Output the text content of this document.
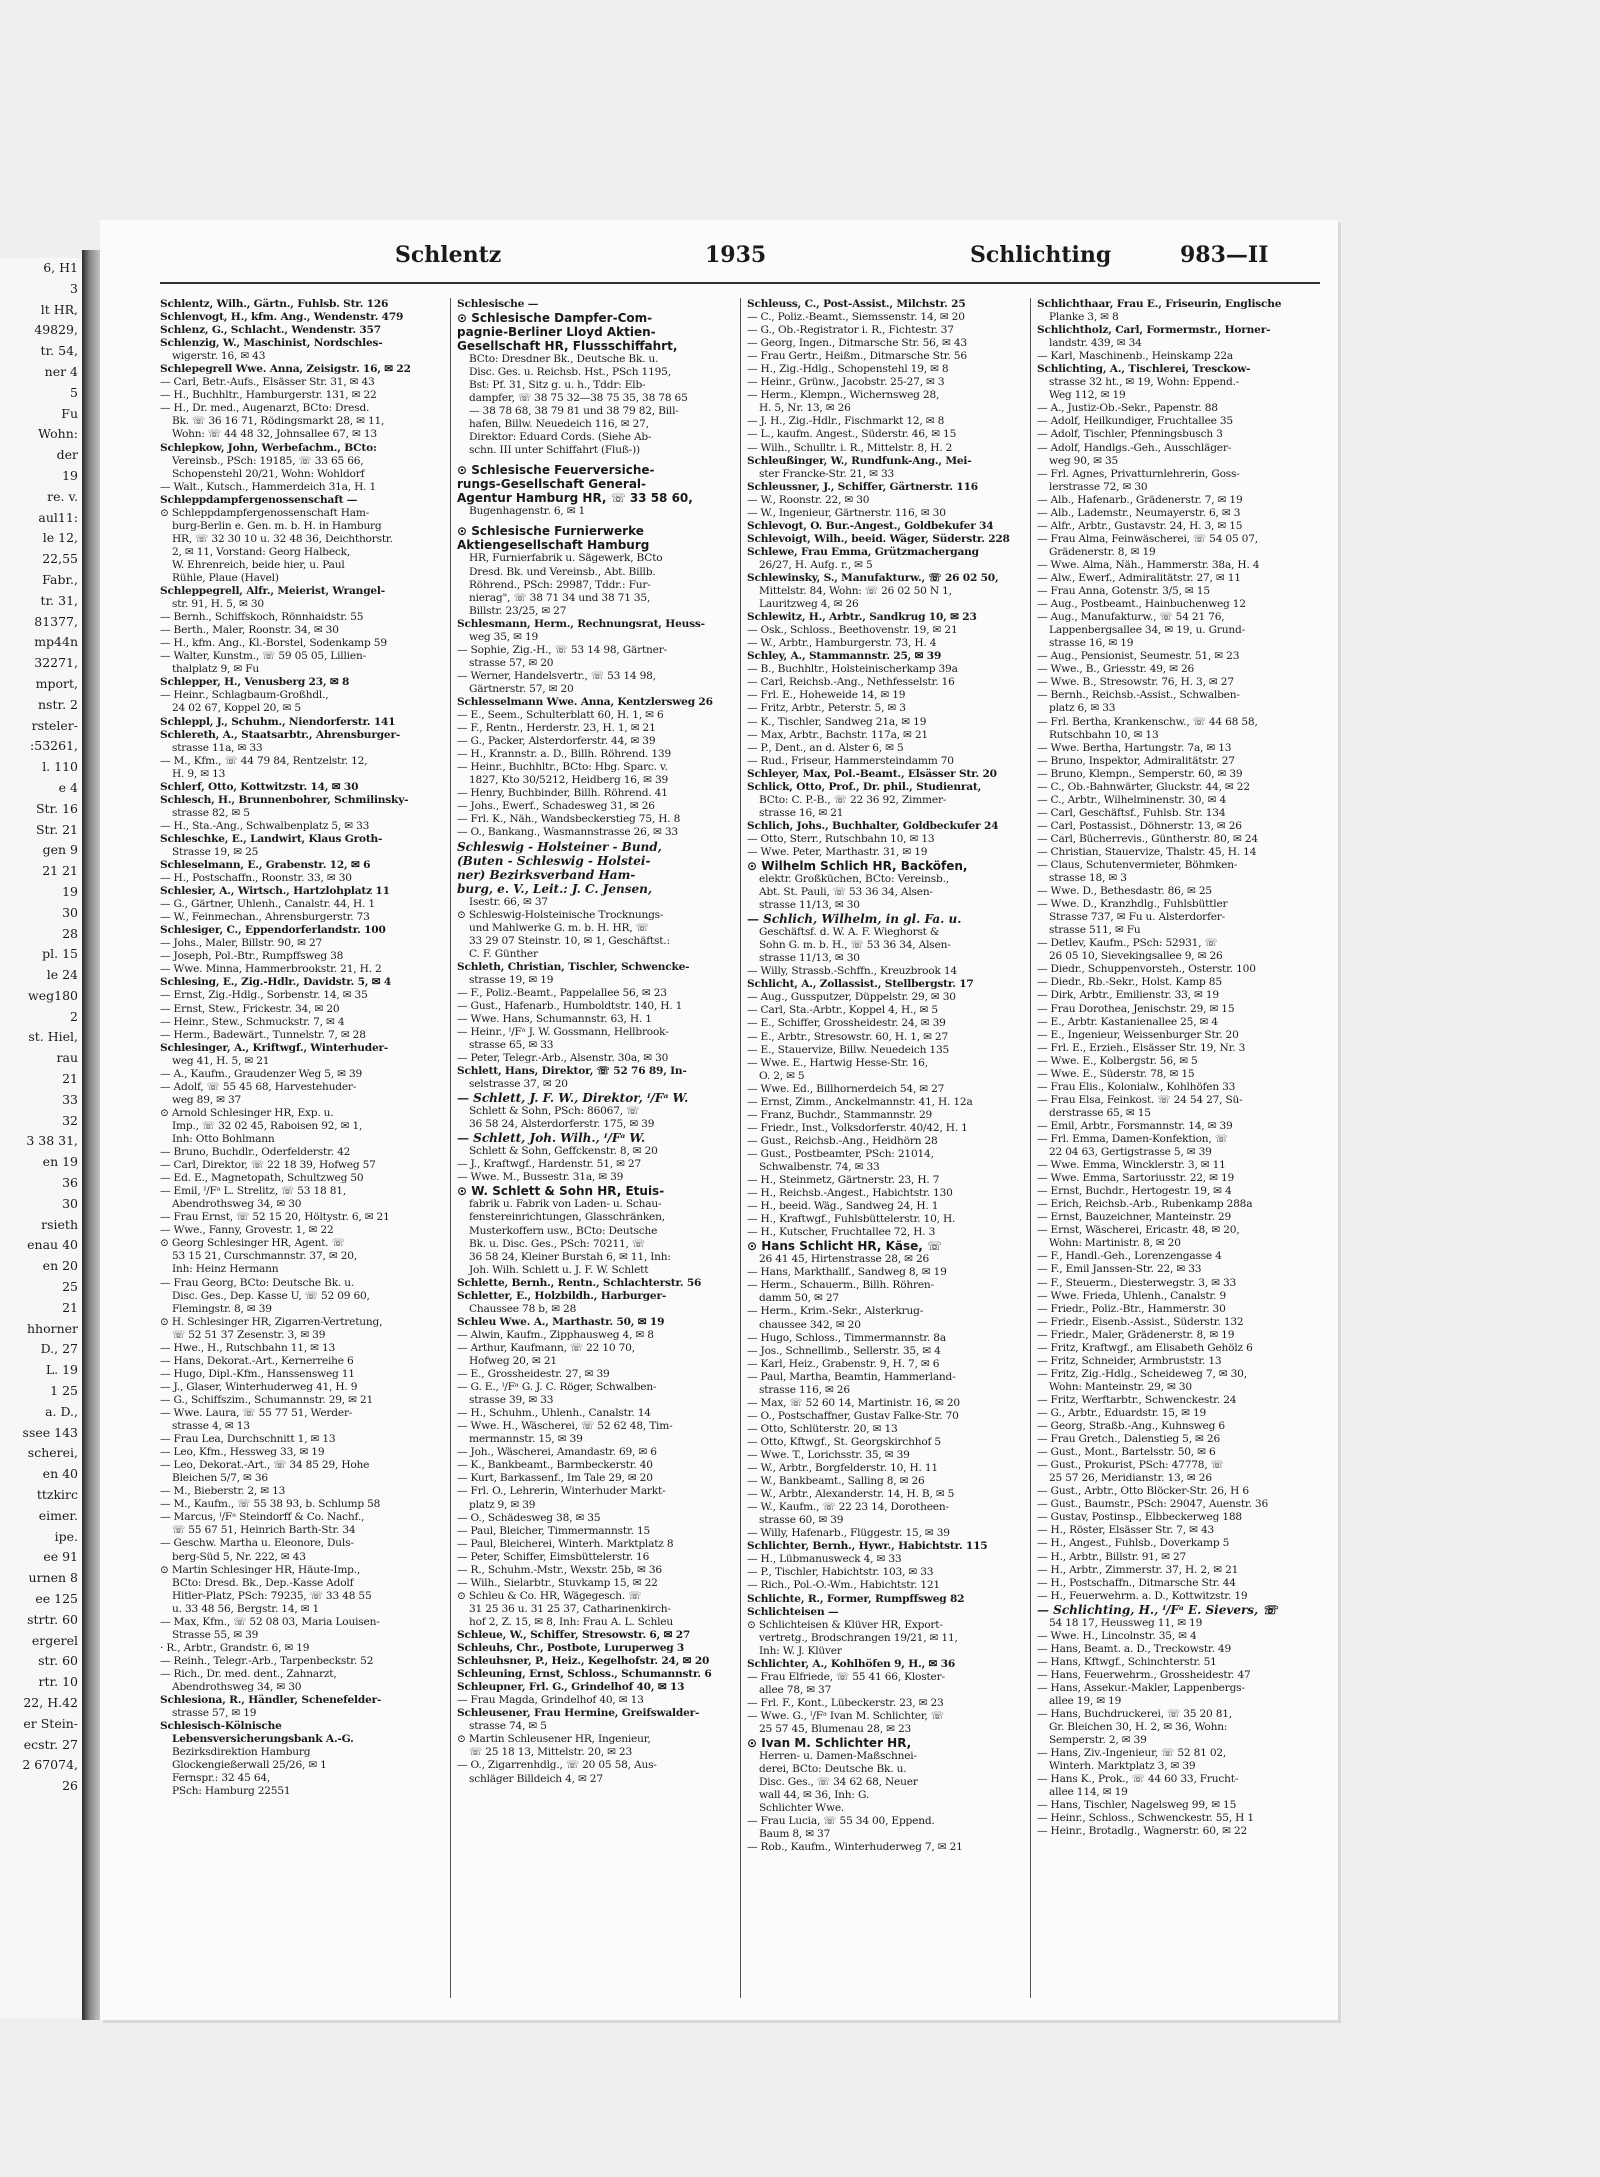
6, H1
3
lt HR,
49829,
tr. 54,
ner 4
5
Fu
Wohn:
der
19
re. v.
aul11:
le 12,
22,55
Fabr.,
tr. 31,
81377,
mp44n
32271,
mport,
nstr. 2
rsteler-
:53261,
l. 110
e 4
Str. 16
Str. 21
gen 9
21 21
19
30
28
pl. 15
le 24
weg180
2
st. Hiel,
rau
21
33
32
3 38 31,
en 19
36
30
rsieth
enau 40
en 20
25
21
hhorner
D., 27
L. 19
1 25
a. D.,
ssee 143
scherei,
en 40
ttzkirc
eimer.
ipe.
ee 91
urnen 8
ee 125
strtr. 60
ergerel
str. 60
rtr. 10
22, H.42
er Stein-
ecstr. 27
2 67074,
26
Schlentz	1935	Schlichting	983—II
Schlentz, Wilh., Gärtn., Fuhlsb. Str. 126
Schlenvogt, H., kfm. Ang., Wendenstr. 479
Schlenz, G., Schlacht., Wendenstr. 357
Schlenzig, W., Maschinist, Nordschles-
wigerstr. 16, ✉ 43
Schlepegrell Wwe. Anna, Zeisigstr. 16, ✉ 22
— Carl, Betr.-Aufs., Elsässer Str. 31, ✉ 43
— H., Buchhltr., Hamburgerstr. 131, ✉ 22
— H., Dr. med., Augenarzt, BCto: Dresd.
Bk. ☏ 36 16 71, Rödingsmarkt 28, ✉ 11,
Wohn: ☏ 44 48 32, Johnsallee 67, ✉ 13
Schlepkow, John, Werbefachm., BCto:
Vereinsb., PSch: 19185, ☏ 33 65 66,
Schopenstehl 20/21, Wohn: Wohldorf
— Walt., Kutsch., Hammerdeich 31a, H. 1
Schleppdampfergenossenschaft —
⊙ Schleppdampfergenossenschaft Ham-
burg-Berlin e. Gen. m. b. H. in Hamburg
HR, ☏ 32 30 10 u. 32 48 36, Deichthorstr.
2, ✉ 11, Vorstand: Georg Halbeck,
W. Ehrenreich, beide hier, u. Paul
Rühle, Plaue (Havel)
Schleppegrell, Alfr., Meierist, Wrangel-
str. 91, H. 5, ✉ 30
— Bernh., Schiffskoch, Rönnhaidstr. 55
— Berth., Maler, Roonstr. 34, ✉ 30
— H., kfm. Ang., Kl.-Borstel, Sodenkamp 59
— Walter, Kunstm., ☏ 59 05 05, Lillien-
thalplatz 9, ✉ Fu
Schlepper, H., Venusberg 23, ✉ 8
— Heinr., Schlagbaum-Großhdl.,
24 02 67, Koppel 20, ✉ 5
Schleppl, J., Schuhm., Niendorferstr. 141
Schlereth, A., Staatsarbtr., Ahrensburger-
strasse 11a, ✉ 33
— M., Kfm., ☏ 44 79 84, Rentzelstr. 12,
H. 9, ✉ 13
Schlerf, Otto, Kottwitzstr. 14, ✉ 30
Schlesch, H., Brunnenbohrer, Schmilinsky-
strasse 82, ✉ 5
— H., Sta.-Ang., Schwalbenplatz 5, ✉ 33
Schleschke, E., Landwirt, Klaus Groth-
Strasse 19, ✉ 25
Schleselmann, E., Grabenstr. 12, ✉ 6
— H., Postschaffn., Roonstr. 33, ✉ 30
Schlesier, A., Wirtsch., Hartzlohplatz 11
— G., Gärtner, Uhlenh., Canalstr. 44, H. 1
— W., Feinmechan., Ahrensburgerstr. 73
Schlesiger, C., Eppendorferlandstr. 100
— Johs., Maler, Billstr. 90, ✉ 27
— Joseph, Pol.-Btr., Rumpffsweg 38
— Wwe. Minna, Hammerbrookstr. 21, H. 2
Schlesing, E., Zig.-Hdlr., Davidstr. 5, ✉ 4
— Ernst, Zig.-Hdlg., Sorbenstr. 14, ✉ 35
— Ernst, Stew., Frickestr. 34, ✉ 20
— Heinr., Stew., Schmuckstr. 7, ✉ 4
— Herm., Badewärt., Tunnelstr. 7, ✉ 28
Schlesinger, A., Kriftwgf., Winterhuder-
weg 41, H. 5, ✉ 21
— A., Kaufm., Graudenzer Weg 5, ✉ 39
— Adolf, ☏ 55 45 68, Harvestehuder-
weg 89, ✉ 37
⊙ Arnold Schlesinger HR, Exp. u.
Imp., ☏ 32 02 45, Raboisen 92, ✉ 1,
Inh: Otto Bohlmann
— Bruno, Buchdlr., Oderfelderstr. 42
— Carl, Direktor, ☏ 22 18 39, Hofweg 57
— Ed. E., Magnetopath, Schultzweg 50
— Emil, ᴵ/Fᵃ L. Strelitz, ☏ 53 18 81,
Abendrothsweg 34, ✉ 30
— Frau Ernst, ☏ 52 15 20, Höltystr. 6, ✉ 21
— Wwe., Fanny, Grovestr. 1, ✉ 22
⊙ Georg Schlesinger HR, Agent. ☏
53 15 21, Curschmannstr. 37, ✉ 20,
Inh: Heinz Hermann
— Frau Georg, BCto: Deutsche Bk. u.
Disc. Ges., Dep. Kasse U, ☏ 52 09 60,
Flemingstr. 8, ✉ 39
⊙ H. Schlesinger HR, Zigarren-Vertretung,
☏ 52 51 37 Zesenstr. 3, ✉ 39
— Hwe., H., Rutschbahn 11, ✉ 13
— Hans, Dekorat.-Art., Kernerreihe 6
— Hugo, Dipl.-Kfm., Hanssensweg 11
— J., Glaser, Winterhuderweg 41, H. 9
— G., Schiffszim., Schumannstr. 29, ✉ 21
— Wwe. Laura, ☏ 55 77 51, Werder-
strasse 4, ✉ 13
— Frau Lea, Durchschnitt 1, ✉ 13
— Leo, Kfm., Hessweg 33, ✉ 19
— Leo, Dekorat.-Art., ☏ 34 85 29, Hohe
Bleichen 5/7, ✉ 36
— M., Bieberstr. 2, ✉ 13
— M., Kaufm., ☏ 55 38 93, b. Schlump 58
— Marcus, ᴵ/Fᵃ Steindorff & Co. Nachf.,
☏ 55 67 51, Heinrich Barth-Str. 34
— Geschw. Martha u. Eleonore, Duls-
berg-Süd 5, Nr. 222, ✉ 43
⊙ Martin Schlesinger HR, Häute-Imp.,
BCto: Dresd. Bk., Dep.-Kasse Adolf
Hitler-Platz, PSch: 79235, ☏ 33 48 55
u. 33 48 56, Bergstr. 14, ✉ 1
— Max, Kfm., ☏ 52 08 03, Maria Louisen-
Strasse 55, ✉ 39
· R., Arbtr., Grandstr. 6, ✉ 19
— Reinh., Telegr.-Arb., Tarpenbeckstr. 52
— Rich., Dr. med. dent., Zahnarzt,
Abendrothsweg 34, ✉ 30
Schlesiona, R., Händler, Schenefelder-
strasse 57, ✉ 19
Schlesisch-Kölnische
Lebensversicherungsbank A.-G.
Bezirksdirektion Hamburg
Glockengießerwall 25/26, ✉ 1
Fernspr.: 32 45 64,
PSch: Hamburg 22551
Schlesische —
⊙ Schlesische Dampfer-Com-
pagnie-Berliner Lloyd Aktien-
Gesellschaft HR, Flussschiffahrt,
BCto: Dresdner Bk., Deutsche Bk. u.
Disc. Ges. u. Reichsb. Hst., PSch 1195,
Bst: Pf. 31, Sitz g. u. h., Tddr: Elb-
dampfer, ☏ 38 75 32—38 75 35, 38 78 65
— 38 78 68, 38 79 81 und 38 79 82, Bill-
hafen, Billw. Neuedeich 116, ✉ 27,
Direktor: Eduard Cords. (Siehe Ab-
schn. III unter Schiffahrt (Fluß-))
⊙ Schlesische Feuerversiche-
rungs-Gesellschaft General-
Agentur Hamburg HR, ☏ 33 58 60,
Bugenhagenstr. 6, ✉ 1
⊙ Schlesische Furnierwerke
Aktiengesellschaft Hamburg
HR, Furnierfabrik u. Sägewerk, BCto
Dresd. Bk. und Vereinsb., Abt. Billb.
Röhrend., PSch: 29987, Tddr.: Fur-
nierag", ☏ 38 71 34 und 38 71 35,
Billstr. 23/25, ✉ 27
Schlesmann, Herm., Rechnungsrat, Heuss-
weg 35, ✉ 19
— Sophie, Zig.-H., ☏ 53 14 98, Gärtner-
strasse 57, ✉ 20
— Werner, Handelsvertr., ☏ 53 14 98,
Gärtnerstr. 57, ✉ 20
Schlesselmann Wwe. Anna, Kentzlersweg 26
— E., Seem., Schulterblatt 60, H. 1, ✉ 6
— F., Rentn., Herderstr. 23, H. 1, ✉ 21
— G., Packer, Alsterdorferstr. 44, ✉ 39
— H., Krannstr. a. D., Billh. Röhrend. 139
— Heinr., Buchhltr., BCto: Hbg. Sparc. v.
1827, Kto 30/5212, Heidberg 16, ✉ 39
— Henry, Buchbinder, Billh. Röhrend. 41
— Johs., Ewerf., Schadesweg 31, ✉ 26
— Frl. K., Näh., Wandsbeckerstieg 75, H. 8
— O., Bankang., Wasmannstrasse 26, ✉ 33
Schleswig - Holsteiner - Bund,
(Buten - Schleswig - Holstei-
ner) Bezirksverband Ham-
burg, e. V., Leit.: J. C. Jensen,
Isestr. 66, ✉ 37
⊙ Schleswig-Holsteinische Trocknungs-
und Mahlwerke G. m. b. H. HR, ☏
33 29 07 Steinstr. 10, ✉ 1, Geschäftst.:
C. F. Günther
Schleth, Christian, Tischler, Schwencke-
strasse 19, ✉ 19
— F., Poliz.-Beamt., Pappelallee 56, ✉ 23
— Gust., Hafenarb., Humboldtstr. 140, H. 1
— Wwe. Hans, Schumannstr. 63, H. 1
— Heinr., ᴵ/Fᵃ J. W. Gossmann, Hellbrook-
strasse 65, ✉ 33
— Peter, Telegr.-Arb., Alsenstr. 30a, ✉ 30
Schlett, Hans, Direktor, ☏ 52 76 89, In-
selstrasse 37, ✉ 20
— Schlett, J. F. W., Direktor, ᴵ/Fᵃ W.
Schlett & Sohn, PSch: 86067, ☏
36 58 24, Alsterdorferstr. 175, ✉ 39
— Schlett, Joh. Wilh., ᴵ/Fᵃ W.
Schlett & Sohn, Geffckenstr. 8, ✉ 20
— J., Kraftwgf., Hardenstr. 51, ✉ 27
— Wwe. M., Bussestr. 31a, ✉ 39
⊙ W. Schlett & Sohn HR, Etuis-
fabrik u. Fabrik von Laden- u. Schau-
fenstereinrichtungen, Glasschränken,
Musterkoffern usw., BCto: Deutsche
Bk. u. Disc. Ges., PSch: 70211, ☏
36 58 24, Kleiner Burstah 6, ✉ 11, Inh:
Joh. Wilh. Schlett u. J. F. W. Schlett
Schlette, Bernh., Rentn., Schlachterstr. 56
Schletter, E., Holzbildh., Harburger-
Chaussee 78 b, ✉ 28
Schleu Wwe. A., Marthastr. 50, ✉ 19
— Alwin, Kaufm., Zipphausweg 4, ✉ 8
— Arthur, Kaufmann, ☏ 22 10 70,
Hofweg 20, ✉ 21
— E., Grossheidestr. 27, ✉ 39
— G. E., ᴵ/Fᵃ G. J. C. Röger, Schwalben-
strasse 39, ✉ 33
— H., Schuhm., Uhlenh., Canalstr. 14
— Wwe. H., Wäscherei, ☏ 52 62 48, Tim-
mermannstr. 15, ✉ 39
— Joh., Wäscherei, Amandastr. 69, ✉ 6
— K., Bankbeamt., Barmbeckerstr. 40
— Kurt, Barkassenf., Im Tale 29, ✉ 20
— Frl. O., Lehrerin, Winterhuder Markt-
platz 9, ✉ 39
— O., Schädesweg 38, ✉ 35
— Paul, Bleicher, Timmermannstr. 15
— Paul, Bleicherei, Winterh. Marktplatz 8
— Peter, Schiffer, Eimsbüttelerstr. 16
— R., Schuhm.-Mstr., Wexstr. 25b, ✉ 36
— Wilh., Sielarbtr., Stuvkamp 15, ✉ 22
⊙ Schleu & Co. HR, Wägegesch. ☏
31 25 36 u. 31 25 37, Catharinenkirch-
hof 2, Z. 15, ✉ 8, Inh: Frau A. L. Schleu
Schleue, W., Schiffer, Stresowstr. 6, ✉ 27
Schleuhs, Chr., Postbote, Luruperweg 3
Schleuhsner, P., Heiz., Kegelhofstr. 24, ✉ 20
Schleuning, Ernst, Schloss., Schumannstr. 6
Schleupner, Frl. G., Grindelhof 40, ✉ 13
— Frau Magda, Grindelhof 40, ✉ 13
Schleusener, Frau Hermine, Greifswalder-
strasse 74, ✉ 5
⊙ Martin Schleusener HR, Ingenieur,
☏ 25 18 13, Mittelstr. 20, ✉ 23
— O., Zigarrenhdlg., ☏ 20 05 58, Aus-
schläger Billdeich 4, ✉ 27
Schleuss, C., Post-Assist., Milchstr. 25
— C., Poliz.-Beamt., Siemssenstr. 14, ✉ 20
— G., Ob.-Registrator i. R., Fichtestr. 37
— Georg, Ingen., Ditmarsche Str. 56, ✉ 43
— Frau Gertr., Heißm., Ditmarsche Str. 56
— H., Zig.-Hdlg., Schopenstehl 19, ✉ 8
— Heinr., Grünw., Jacobstr. 25-27, ✉ 3
— Herm., Klempn., Wichernsweg 28,
H. 5, Nr. 13, ✉ 26
— J. H., Zig.-Hdlr., Fischmarkt 12, ✉ 8
— L., kaufm. Angest., Süderstr. 46, ✉ 15
— Wilh., Schulltr. i. R., Mittelstr. 8, H. 2
Schleußinger, W., Rundfunk-Ang., Mei-
ster Francke-Str. 21, ✉ 33
Schleussner, J., Schiffer, Gärtnerstr. 116
— W., Roonstr. 22, ✉ 30
— W., Ingenieur, Gärtnerstr. 116, ✉ 30
Schlevogt, O. Bur.-Angest., Goldbekufer 34
Schlevoigt, Wilh., beeid. Wäger, Süderstr. 228
Schlewe, Frau Emma, Grützmachergang
26/27, H. Aufg. r., ✉ 5
Schlewinsky, S., Manufakturw., ☏ 26 02 50,
Mittelstr. 84, Wohn: ☏ 26 02 50 N 1,
Lauritzweg 4, ✉ 26
Schlewitz, H., Arbtr., Sandkrug 10, ✉ 23
— Osk., Schloss., Beethovenstr. 19, ✉ 21
— W., Arbtr., Hamburgerstr. 73, H. 4
Schley, A., Stammannstr. 25, ✉ 39
— B., Buchhltr., Holsteinischerkamp 39a
— Carl, Reichsb.-Ang., Nethfesselstr. 16
— Frl. E., Hoheweide 14, ✉ 19
— Fritz, Arbtr., Peterstr. 5, ✉ 3
— K., Tischler, Sandweg 21a, ✉ 19
— Max, Arbtr., Bachstr. 117a, ✉ 21
— P., Dent., an d. Alster 6, ✉ 5
— Rud., Friseur, Hammersteindamm 70
Schleyer, Max, Pol.-Beamt., Elsässer Str. 20
Schlick, Otto, Prof., Dr. phil., Studienrat,
BCto: C. P.-B., ☏ 22 36 92, Zimmer-
strasse 16, ✉ 21
Schlich, Johs., Buchhalter, Goldbeckufer 24
— Otto, Sterr., Rutschbahn 10, ✉ 13
— Wwe. Peter, Marthastr. 31, ✉ 19
⊙ Wilhelm Schlich HR, Backöfen,
elektr. Großküchen, BCto: Vereinsb.,
Abt. St. Pauli, ☏ 53 36 34, Alsen-
strasse 11/13, ✉ 30
— Schlich, Wilhelm, in gl. Fa. u.
Geschäftsf. d. W. A. F. Wieghorst &
Sohn G. m. b. H., ☏ 53 36 34, Alsen-
strasse 11/13, ✉ 30
— Willy, Strassb.-Schffn., Kreuzbrook 14
Schlicht, A., Zollassist., Stellbergstr. 17
— Aug., Gussputzer, Düppelstr. 29, ✉ 30
— Carl, Sta.-Arbtr., Koppel 4, H., ✉ 5
— E., Schiffer, Grossheidestr. 24, ✉ 39
— E., Arbtr., Stresowstr. 60, H. 1, ✉ 27
— E., Stauervize, Billw. Neuedeich 135
— Wwe. E., Hartwig Hesse-Str. 16,
O. 2, ✉ 5
— Wwe. Ed., Billhornerdeich 54, ✉ 27
— Ernst, Zimm., Anckelmannstr. 41, H. 12a
— Franz, Buchdr., Stammannstr. 29
— Friedr., Inst., Volksdorferstr. 40/42, H. 1
— Gust., Reichsb.-Ang., Heidhörn 28
— Gust., Postbeamter, PSch: 21014,
Schwalbenstr. 74, ✉ 33
— H., Steinmetz, Gärtnerstr. 23, H. 7
— H., Reichsb.-Angest., Habichtstr. 130
— H., beeid. Wäg., Sandweg 24, H. 1
— H., Kraftwgf., Fuhlsbüttelerstr. 10, H.
— H., Kutscher, Fruchtallee 72, H. 3
⊙ Hans Schlicht HR, Käse, ☏
26 41 45, Hirtenstrasse 28, ✉ 26
— Hans, Markthallf., Sandweg 8, ✉ 19
— Herm., Schauerm., Billh. Röhren-
damm 50, ✉ 27
— Herm., Krim.-Sekr., Alsterkrug-
chaussee 342, ✉ 20
— Hugo, Schloss., Timmermannstr. 8a
— Jos., Schnellimb., Sellerstr. 35, ✉ 4
— Karl, Heiz., Grabenstr. 9, H. 7, ✉ 6
— Paul, Martha, Beamtin, Hammerland-
strasse 116, ✉ 26
— Max, ☏ 52 60 14, Martinistr. 16, ✉ 20
— O., Postschaffner, Gustav Falke-Str. 70
— Otto, Schlüterstr. 20, ✉ 13
— Otto, Kftwgf., St. Georgskirchhof 5
— Wwe. T., Lorichsstr. 35, ✉ 39
— W., Arbtr., Borgfelderstr. 10, H. 11
— W., Bankbeamt., Salling 8, ✉ 26
— W., Arbtr., Alexanderstr. 14, H. B, ✉ 5
— W., Kaufm., ☏ 22 23 14, Dorotheen-
strasse 60, ✉ 39
— Willy, Hafenarb., Flüggestr. 15, ✉ 39
Schlichter, Bernh., Hywr., Habichtstr. 115
— H., Lübmanusweck 4, ✉ 33
— P., Tischler, Habichtstr. 103, ✉ 33
— Rich., Pol.-O.-Wm., Habichtstr. 121
Schlichte, R., Former, Rumpffsweg 82
Schlichteisen —
⊙ Schlichteisen & Klüver HR, Export-
vertretg., Brodschrangen 19/21, ✉ 11,
Inh: W. J. Klüver
Schlichter, A., Kohlhöfen 9, H., ✉ 36
— Frau Elfriede, ☏ 55 41 66, Kloster-
allee 78, ✉ 37
— Frl. F., Kont., Lübeckerstr. 23, ✉ 23
— Wwe. G., ᴵ/Fᵃ Ivan M. Schlichter, ☏
25 57 45, Blumenau 28, ✉ 23
⊙ Ivan M. Schlichter HR,
Herren- u. Damen-Maßschnei-
derei, BCto: Deutsche Bk. u.
Disc. Ges., ☏ 34 62 68, Neuer
wall 44, ✉ 36, Inh: G.
Schlichter Wwe.
— Frau Lucia, ☏ 55 34 00, Eppend.
Baum 8, ✉ 37
— Rob., Kaufm., Winterhuderweg 7, ✉ 21
Schlichthaar, Frau E., Friseurin, Englische
Planke 3, ✉ 8
Schlichtholz, Carl, Formermstr., Horner-
landstr. 439, ✉ 34
— Karl, Maschinenb., Heinskamp 22a
Schlichting, A., Tischlerei, Tresckow-
strasse 32 ht., ✉ 19, Wohn: Eppend.-
Weg 112, ✉ 19
— A., Justiz-Ob.-Sekr., Papenstr. 88
— Adolf, Heilkundiger, Fruchtallee 35
— Adolf, Tischler, Pfenningsbusch 3
— Adolf, Handlgs.-Geh., Ausschläger-
weg 90, ✉ 35
— Frl. Agnes, Privatturnlehrerin, Goss-
lerstrasse 72, ✉ 30
— Alb., Hafenarb., Grädenerstr. 7, ✉ 19
— Alb., Lademstr., Neumayerstr. 6, ✉ 3
— Alfr., Arbtr., Gustavstr. 24, H. 3, ✉ 15
— Frau Alma, Feinwäscherei, ☏ 54 05 07,
Grädenerstr. 8, ✉ 19
— Wwe. Alma, Näh., Hammerstr. 38a, H. 4
— Alw., Ewerf., Admiralitätstr. 27, ✉ 11
— Frau Anna, Gotenstr. 3/5, ✉ 15
— Aug., Postbeamt., Hainbuchenweg 12
— Aug., Manufakturw., ☏ 54 21 76,
Lappenbergsallee 34, ✉ 19, u. Grund-
strasse 16, ✉ 19
— Aug., Pensionist, Seumestr. 51, ✉ 23
— Wwe., B., Griesstr. 49, ✉ 26
— Wwe. B., Stresowstr. 76, H. 3, ✉ 27
— Bernh., Reichsb.-Assist., Schwalben-
platz 6, ✉ 33
— Frl. Bertha, Krankenschw., ☏ 44 68 58,
Rutschbahn 10, ✉ 13
— Wwe. Bertha, Hartungstr. 7a, ✉ 13
— Bruno, Inspektor, Admiralitätstr. 27
— Bruno, Klempn., Semperstr. 60, ✉ 39
— C., Ob.-Bahnwärter, Gluckstr. 44, ✉ 22
— C., Arbtr., Wilhelminenstr. 30, ✉ 4
— Carl, Geschäftsf., Fuhlsb. Str. 134
— Carl, Postassist., Döhnerstr. 13, ✉ 26
— Carl, Bücherrevis., Güntherstr. 80, ✉ 24
— Christian, Stauervize, Thalstr. 45, H. 14
— Claus, Schutenvermieter, Böhmken-
strasse 18, ✉ 3
— Wwe. D., Bethesdastr. 86, ✉ 25
— Wwe. D., Kranzhdlg., Fuhlsbüttler
Strasse 737, ✉ Fu u. Alsterdorfer-
strasse 511, ✉ Fu
— Detlev, Kaufm., PSch: 52931, ☏
26 05 10, Sievekingsallee 9, ✉ 26
— Diedr., Schuppenvorsteh., Osterstr. 100
— Diedr., Rb.-Sekr., Holst. Kamp 85
— Dirk, Arbtr., Emilienstr. 33, ✉ 19
— Frau Dorothea, Jenischstr. 29, ✉ 15
— E., Arbtr. Kastanienallee 25, ✉ 4
— E., Ingenieur, Weissenburger Str. 20
— Frl. E., Erzieh., Elsässer Str. 19, Nr. 3
— Wwe. E., Kolbergstr. 56, ✉ 5
— Wwe. E., Süderstr. 78, ✉ 15
— Frau Elis., Kolonialw., Kohlhöfen 33
— Frau Elsa, Feinkost. ☏ 24 54 27, Sü-
derstrasse 65, ✉ 15
— Emil, Arbtr., Forsmannstr. 14, ✉ 39
— Frl. Emma, Damen-Konfektion, ☏
22 04 63, Gertigstrasse 5, ✉ 39
— Wwe. Emma, Wincklerstr. 3, ✉ 11
— Wwe. Emma, Sartoriusstr. 22, ✉ 19
— Ernst, Buchdr., Hertogestr. 19, ✉ 4
— Erich, Reichsb.-Arb., Rubenkamp 288a
— Ernst, Bauzeichner, Manteinstr. 29
— Ernst, Wäscherei, Ericastr. 48, ✉ 20,
Wohn: Martinistr. 8, ✉ 20
— F., Handl.-Geh., Lorenzengasse 4
— F., Emil Janssen-Str. 22, ✉ 33
— F., Steuerm., Diesterwegstr. 3, ✉ 33
— Wwe. Frieda, Uhlenh., Canalstr. 9
— Friedr., Poliz.-Btr., Hammerstr. 30
— Friedr., Eisenb.-Assist., Süderstr. 132
— Friedr., Maler, Grädenerstr. 8, ✉ 19
— Fritz, Kraftwgf., am Elisabeth Gehölz 6
— Fritz, Schneider, Armbruststr. 13
— Fritz, Zig.-Hdlg., Scheideweg 7, ✉ 30,
Wohn: Manteinstr. 29, ✉ 30
— Fritz, Werftarbtr., Schwenckestr. 24
— G., Arbtr., Eduardstr. 15, ✉ 19
— Georg, Straßb.-Ang., Kuhnsweg 6
— Frau Gretch., Dalenstieg 5, ✉ 26
— Gust., Mont., Bartelsstr. 50, ✉ 6
— Gust., Prokurist, PSch: 47778, ☏
25 57 26, Meridianstr. 13, ✉ 26
— Gust., Arbtr., Otto Blöcker-Str. 26, H 6
— Gust., Baumstr., PSch: 29047, Auenstr. 36
— Gustav, Postinsp., Elbbeckerweg 188
— H., Röster, Elsässer Str. 7, ✉ 43
— H., Angest., Fuhlsb., Doverkamp 5
— H., Arbtr., Billstr. 91, ✉ 27
— H., Arbtr., Zimmerstr. 37, H. 2, ✉ 21
— H., Postschaffn., Ditmarsche Str. 44
— H., Feuerwehrm. a. D., Kottwitzstr. 19
— Schlichting, H., ᴵ/Fᵃ E. Sievers, ☏
54 18 17, Heussweg 11, ✉ 19
— Wwe. H., Lincolnstr. 35, ✉ 4
— Hans, Beamt. a. D., Treckowstr. 49
— Hans, Kftwgf., Schinchterstr. 51
— Hans, Feuerwehrm., Grossheidestr. 47
— Hans, Assekur.-Makler, Lappenbergs-
allee 19, ✉ 19
— Hans, Buchdruckerei, ☏ 35 20 81,
Gr. Bleichen 30, H. 2, ✉ 36, Wohn:
Semperstr. 2, ✉ 39
— Hans, Ziv.-Ingenieur, ☏ 52 81 02,
Winterh. Marktplatz 3, ✉ 39
— Hans K., Prok., ☏ 44 60 33, Frucht-
allee 114, ✉ 19
— Hans, Tischler, Nagelsweg 99, ✉ 15
— Heinr., Schloss., Schwenckestr. 55, H 1
— Heinr., Brotadlg., Wagnerstr. 60, ✉ 22
